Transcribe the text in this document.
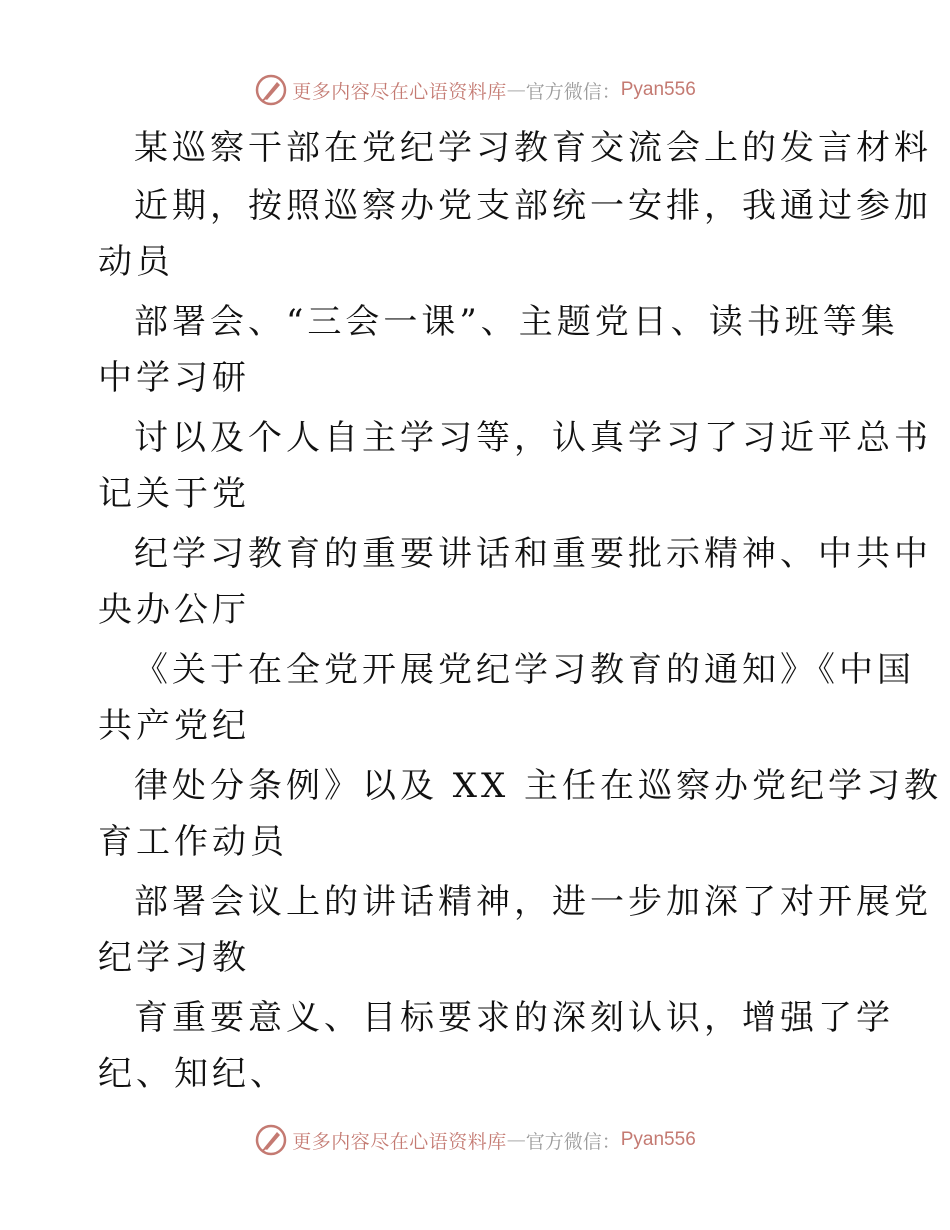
更多内容尽在心语资料库 — 官方微信： Pyan556
某巡察干部在党纪学习教育交流会上的发言材料
近期，按照巡察办党支部统一安排，我通过参加
动员
部署会、“三会一课”、主题党日、读书班等集
中学习研
讨以及个人自主学习等，认真学习了习近平总书
记关于党
纪学习教育的重要讲话和重要批示精神、中共中
央办公厅
《关于在全党开展党纪学习教育的通知》《中国
共产党纪
律处分条例》以及 XX 主任在巡察办党纪学习教
育工作动员
部署会议上的讲话精神，进一步加深了对开展党
纪学习教
育重要意义、目标要求的深刻认识，增强了学
纪、知纪、
更多内容尽在心语资料库 — 官方微信： Pyan556
